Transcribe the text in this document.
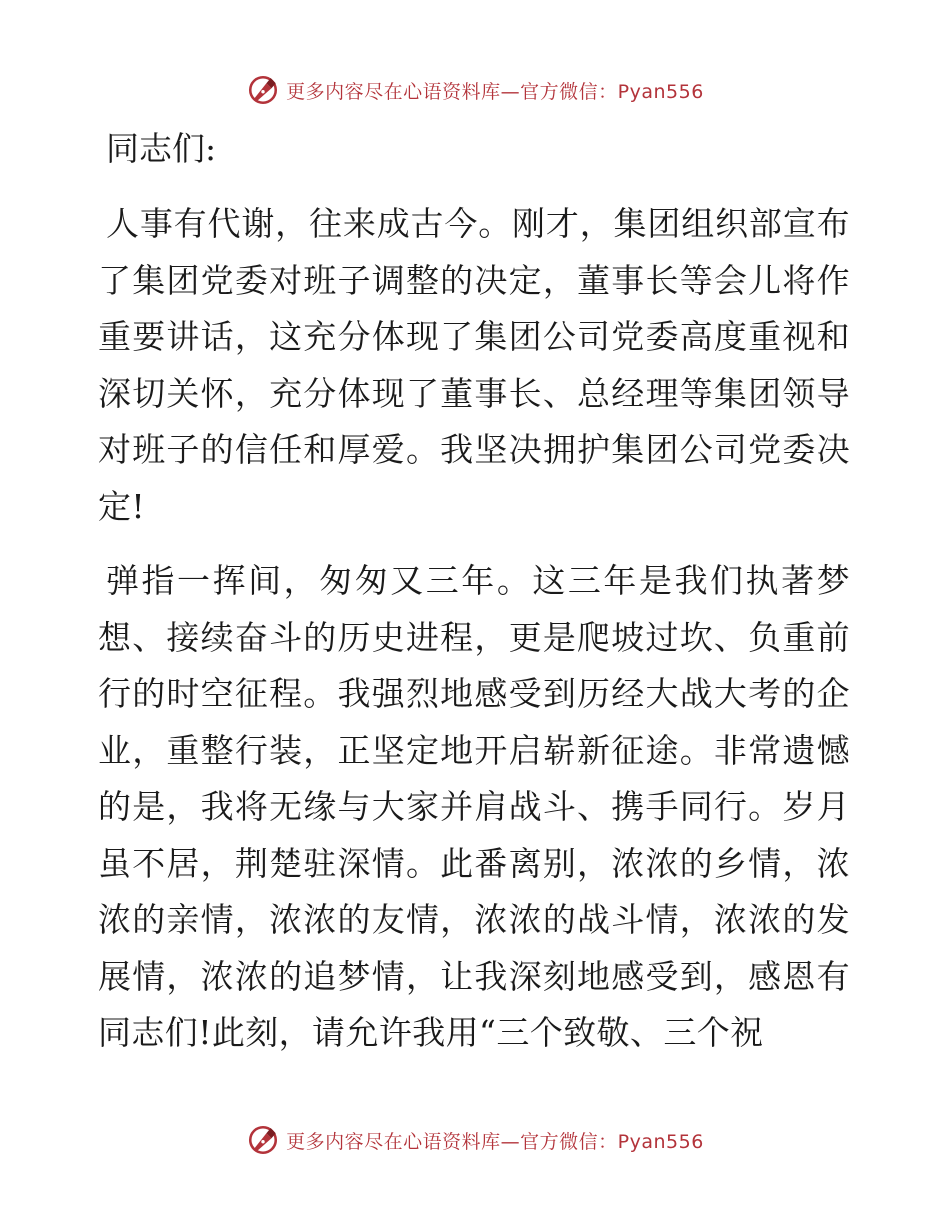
更多内容尽在心语资料库—官方微信：Pyan556
同志们:

人事有代谢，往来成古今。刚才，集团组织部宣布了集团党委对班子调整的决定，董事长等会儿将作重要讲话，这充分体现了集团公司党委高度重视和深切关怀，充分体现了董事长、总经理等集团领导对班子的信任和厚爱。我坚决拥护集团公司党委决定!

弹指一挥间，匆匆又三年。这三年是我们执著梦想、接续奋斗的历史进程，更是爬坡过坎、负重前行的时空征程。我强烈地感受到历经大战大考的企业，重整行装，正坚定地开启崭新征途。非常遗憾的是，我将无缘与大家并肩战斗、携手同行。岁月虽不居，荆楚驻深情。此番离别，浓浓的乡情，浓浓的亲情，浓浓的友情，浓浓的战斗情，浓浓的发展情，浓浓的追梦情，让我深刻地感受到，感恩有同志们!此刻，请允许我用“三个致敬、三个祝

更多内容尽在心语资料库—官方微信：Pyan556
